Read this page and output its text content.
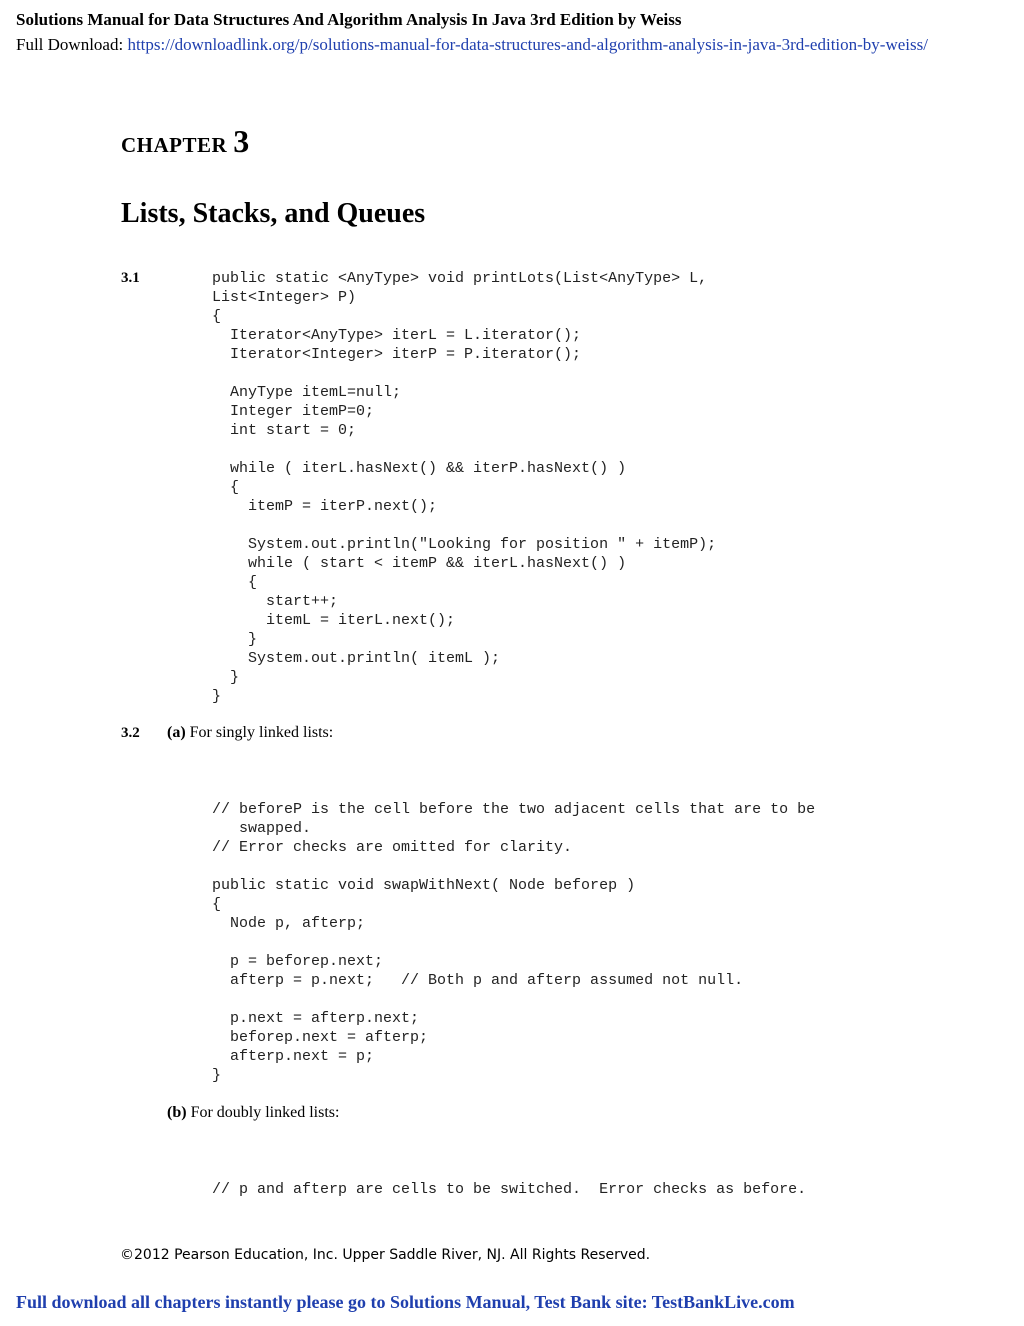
Solutions Manual for Data Structures And Algorithm Analysis In Java 3rd Edition by Weiss
Full Download: https://downloadlink.org/p/solutions-manual-for-data-structures-and-algorithm-analysis-in-java-3rd-edition-by-weiss/
CHAPTER 3
Lists, Stacks, and Queues
3.1	public static <AnyType> void printLots(List<AnyType> L,
List<Integer> P)
{
Iterator<AnyType> iterL = L.iterator();
Iterator<Integer> iterP = P.iterator();

AnyType itemL=null;
Integer itemP=0;
int start = 0;

while ( iterL.hasNext() && iterP.hasNext() )
{
itemP = iterP.next();

System.out.println("Looking for position " + itemP);
while ( start < itemP && iterL.hasNext() )
{
start++;
itemL = iterL.next();
}
System.out.println( itemL );
}
}
3.2 (a) For singly linked lists:
// beforeP is the cell before the two adjacent cells that are to be
swapped.
// Error checks are omitted for clarity.

public static void swapWithNext( Node beforep )
{
Node p, afterp;

p = beforep.next;
afterp = p.next;   // Both p and afterp assumed not null.

p.next = afterp.next;
beforep.next = afterp;
afterp.next = p;
}
(b) For doubly linked lists:
// p and afterp are cells to be switched.  Error checks as before.
©2012 Pearson Education, Inc. Upper Saddle River, NJ. All Rights Reserved.
Full download all chapters instantly please go to Solutions Manual, Test Bank site: TestBankLive.com
